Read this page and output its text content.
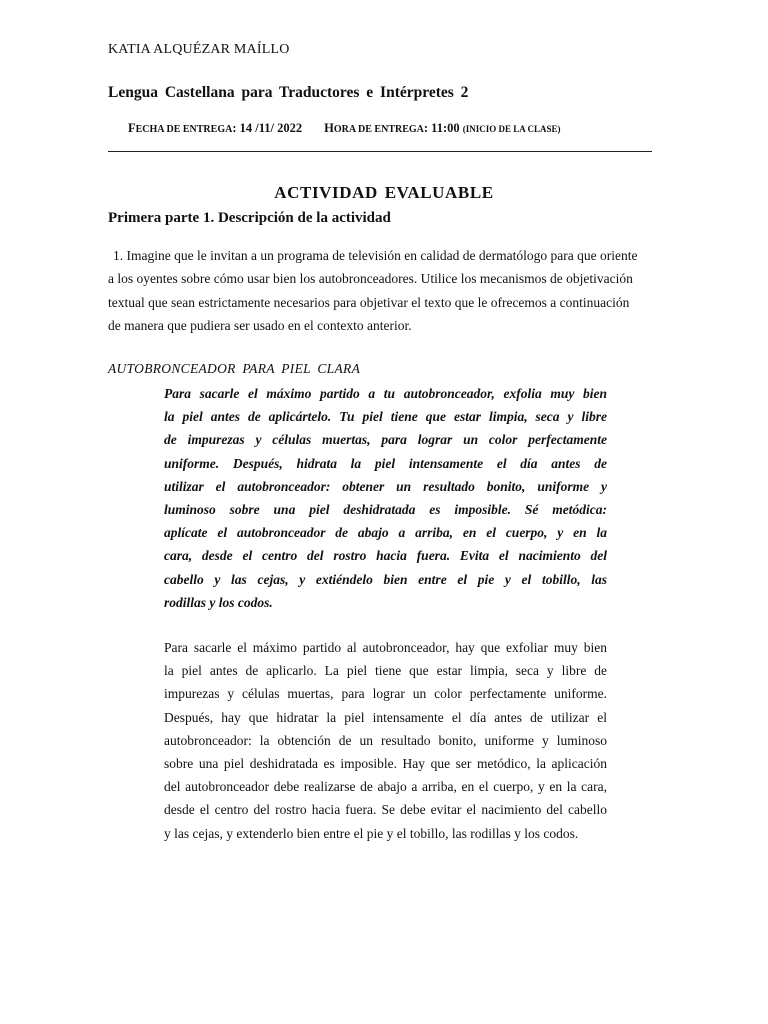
KATIA ALQUÉZAR MAÍLLO
Lengua Castellana para Traductores e Intérpretes 2
FECHA DE ENTREGA: 14 /11/ 2022 HORA DE ENTREGA: 11:00 (INICIO DE LA CLASE)
ACTIVIDAD EVALUABLE
Primera parte 1. Descripción de la actividad
1. Imagine que le invitan a un programa de televisión en calidad de dermatólogo para que oriente
a los oyentes sobre cómo usar bien los autobronceadores. Utilice los mecanismos de objetivación
textual que sean estrictamente necesarios para objetivar el texto que le ofrecemos a continuación
de manera que pudiera ser usado en el contexto anterior.
AUTOBRONCEADOR PARA PIEL CLARA
Para sacarle el máximo partido a tu autobronceador, exfolia muy bien
la piel antes de aplicártelo. Tu piel tiene que estar limpia, seca y libre
de impurezas y células muertas, para lograr un color perfectamente
uniforme. Después, hidrata la piel intensamente el día antes de
utilizar el autobronceador: obtener un resultado bonito, uniforme y
luminoso sobre una piel deshidratada es imposible. Sé metódica:
aplícate el autobronceador de abajo a arriba, en el cuerpo, y en la
cara, desde el centro del rostro hacia fuera. Evita el nacimiento del
cabello y las cejas, y extiéndelo bien entre el pie y el tobillo, las
rodillas y los codos.
Para sacarle el máximo partido al autobronceador, hay que exfoliar muy bien
la piel antes de aplicarlo. La piel tiene que estar limpia, seca y libre de
impurezas y células muertas, para lograr un color perfectamente uniforme.
Después, hay que hidratar la piel intensamente el día antes de utilizar el
autobronceador: la obtención de un resultado bonito, uniforme y luminoso
sobre una piel deshidratada es imposible. Hay que ser metódico, la aplicación
del autobronceador debe realizarse de abajo a arriba, en el cuerpo, y en la cara,
desde el centro del rostro hacia fuera. Se debe evitar el nacimiento del cabello
y las cejas, y extenderlo bien entre el pie y el tobillo, las rodillas y los codos.
